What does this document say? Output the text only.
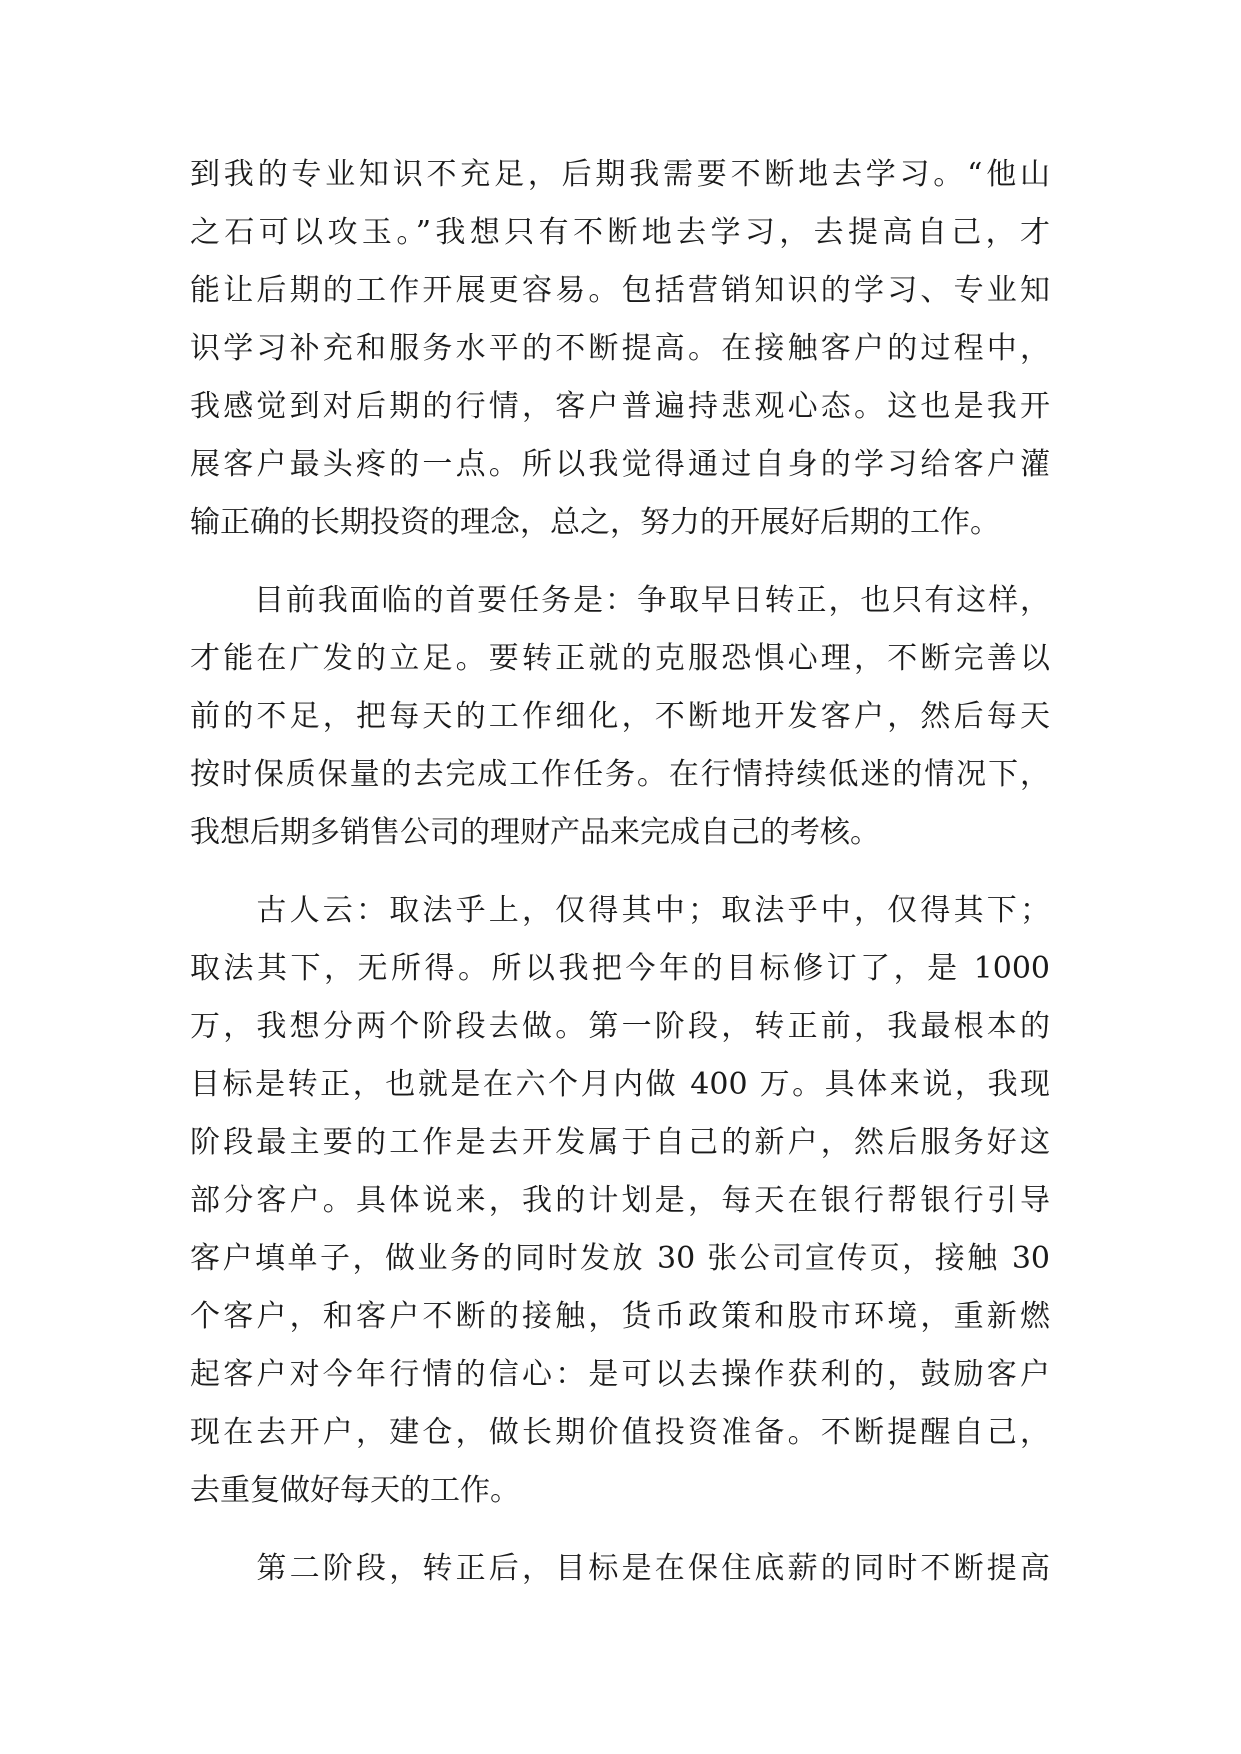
到我的专业知识不充足，后期我需要不断地去学习。“他山
之石可以攻玉。”我想只有不断地去学习，去提高自己，才
能让后期的工作开展更容易。包括营销知识的学习、专业知
识学习补充和服务水平的不断提高。在接触客户的过程中，
我感觉到对后期的行情，客户普遍持悲观心态。这也是我开
展客户最头疼的一点。所以我觉得通过自身的学习给客户灌
输正确的长期投资的理念，总之，努力的开展好后期的工作。
　　目前我面临的首要任务是：争取早日转正，也只有这样，
才能在广发的立足。要转正就的克服恐惧心理，不断完善以
前的不足，把每天的工作细化，不断地开发客户，然后每天
按时保质保量的去完成工作任务。在行情持续低迷的情况下，
我想后期多销售公司的理财产品来完成自己的考核。
　　古人云：取法乎上，仅得其中；取法乎中，仅得其下；
取法其下，无所得。所以我把今年的目标修订了，是 1000
万，我想分两个阶段去做。第一阶段，转正前，我最根本的
目标是转正，也就是在六个月内做 400 万。具体来说，我现
阶段最主要的工作是去开发属于自己的新户，然后服务好这
部分客户。具体说来，我的计划是，每天在银行帮银行引导
客户填单子，做业务的同时发放 30 张公司宣传页，接触 30
个客户，和客户不断的接触，货币政策和股市环境，重新燃
起客户对今年行情的信心：是可以去操作获利的，鼓励客户
现在去开户，建仓，做长期价值投资准备。不断提醒自己，
去重复做好每天的工作。
　　第二阶段，转正后，目标是在保住底薪的同时不断提高
